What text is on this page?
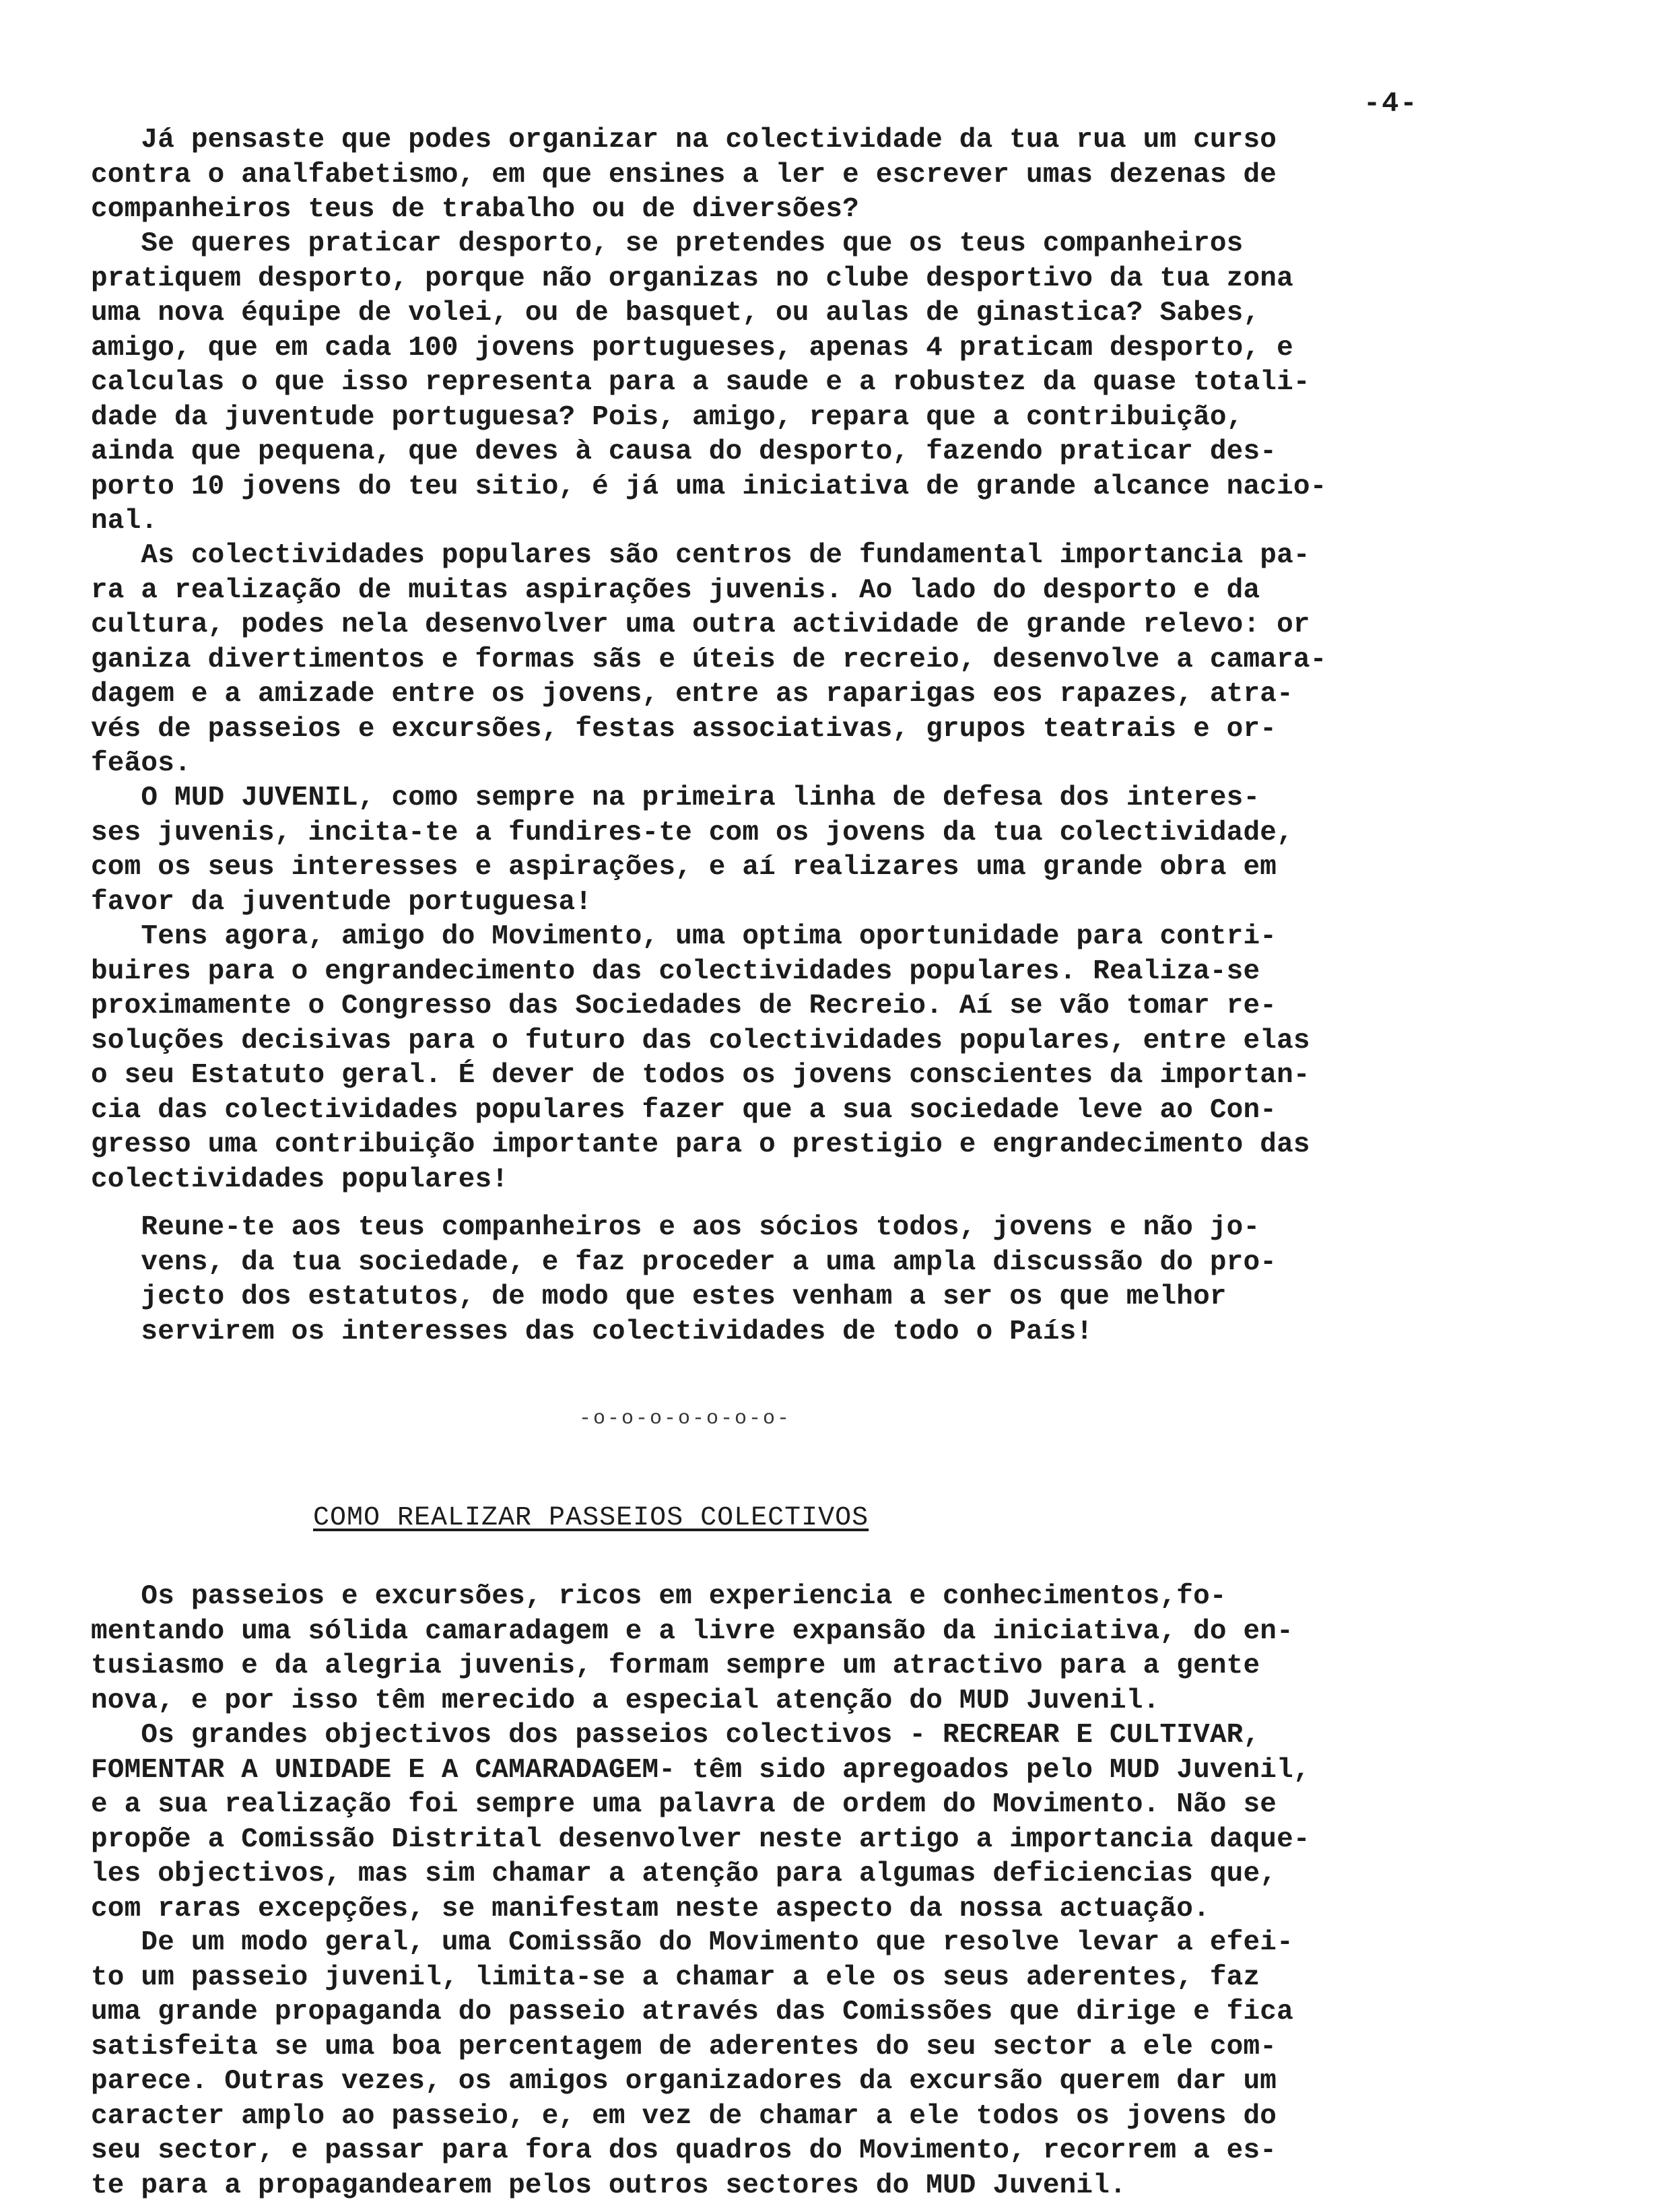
-4-

Já pensaste que podes organizar na colectividade da tua rua um curso
contra o analfabetismo, em que ensines a ler e escrever umas dezenas de
companheiros teus de trabalho ou de diversões?

Se queres praticar desporto, se pretendes que os teus companheiros
pratiquem desporto, porque não organizas no clube desportivo da tua zona
uma nova équipe de volei, ou de basquet, ou aulas de ginastica? Sabes,
amigo, que em cada 100 jovens portugueses, apenas 4 praticam desporto, e
calculas o que isso representa para a saude e a robustez da quase totali-
dade da juventude portuguesa? Pois, amigo, repara que a contribuição,
ainda que pequena, que deves à causa do desporto, fazendo praticar des-
porto 10 jovens do teu sitio, é já uma iniciativa de grande alcance nacio-
nal.

As colectividades populares são centros de fundamental importancia pa-
ra a realização de muitas aspirações juvenis. Ao lado do desporto e da
cultura, podes nela desenvolver uma outra actividade de grande relevo: or
ganiza divertimentos e formas sãs e úteis de recreio, desenvolve a camara-
dagem e a amizade entre os jovens, entre as raparigas eos rapazes, atra-
vés de passeios e excursões, festas associativas, grupos teatrais e or-
feãos.

O MUD JUVENIL, como sempre na primeira linha de defesa dos interes-
ses juvenis, incita-te a fundires-te com os jovens da tua colectividade,
com os seus interesses e aspirações, e aí realizares uma grande obra em
favor da juventude portuguesa!

Tens agora, amigo do Movimento, uma optima oportunidade para contri-
buires para o engrandecimento das colectividades populares. Realiza-se
proximamente o Congresso das Sociedades de Recreio. Aí se vão tomar re-
soluções decisivas para o futuro das colectividades populares, entre elas
o seu Estatuto geral. É dever de todos os jovens conscientes da importan-
cia das colectividades populares fazer que a sua sociedade leve ao Con-
gresso uma contribuição importante para o prestigio e engrandecimento das
colectividades populares!

Reune-te aos teus companheiros e aos sócios todos, jovens e não jo-
vens, da tua sociedade, e faz proceder a uma ampla discussão do pro-
jecto dos estatutos, de modo que estes venham a ser os que melhor
servirem os interesses das colectividades de todo o País!

-o-o-o-o-o-o-o-
COMO REALIZAR PASSEIOS COLECTIVOS

Os passeios e excursões, ricos em experiencia e conhecimentos,fo-
mentando uma sólida camaradagem e a livre expansão da iniciativa, do en-
tusiasmo e da alegria juvenis, formam sempre um atractivo para a gente
nova, e por isso têm merecido a especial atenção do MUD Juvenil.

Os grandes objectivos dos passeios colectivos - RECREAR E CULTIVAR,
FOMENTAR A UNIDADE E A CAMARADAGEM- têm sido apregoados pelo MUD Juvenil,
e a sua realização foi sempre uma palavra de ordem do Movimento. Não se
propõe a Comissão Distrital desenvolver neste artigo a importancia daque-
les objectivos, mas sim chamar a atenção para algumas deficiencias que,
com raras excepções, se manifestam neste aspecto da nossa actuação.

De um modo geral, uma Comissão do Movimento que resolve levar a efei-
to um passeio juvenil, limita-se a chamar a ele os seus aderentes, faz
uma grande propaganda do passeio através das Comissões que dirige e fica
satisfeita se uma boa percentagem de aderentes do seu sector a ele com-
parece. Outras vezes, os amigos organizadores da excursão querem dar um
caracter amplo ao passeio, e, em vez de chamar a ele todos os jovens do
seu sector, e passar para fora dos quadros do Movimento, recorrem a es-
te para a propagandearem pelos outros sectores do MUD Juvenil.
